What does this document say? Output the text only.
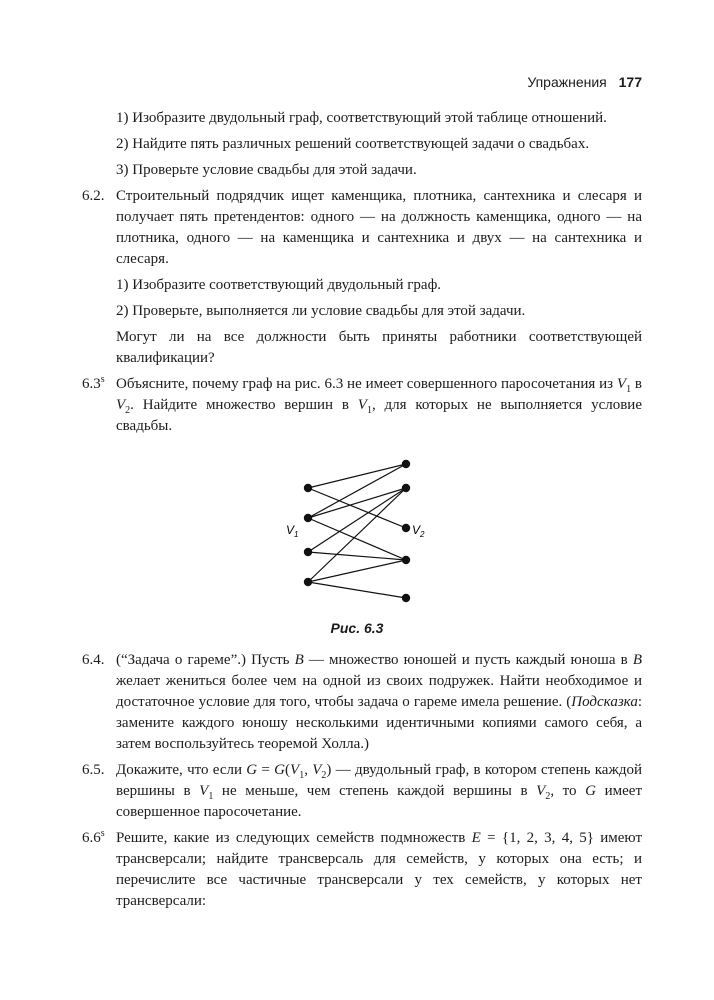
Упражнения 177
1) Изобразите двудольный граф, соответствующий этой таблице отношений.
2) Найдите пять различных решений соответствующей задачи о свадьбах.
3) Проверьте условие свадьбы для этой задачи.
6.2. Строительный подрядчик ищет каменщика, плотника, сантехника и слесаря и получает пять претендентов: одного — на должность каменщика, одного — на плотника, одного — на каменщика и сантехника и двух — на сантехника и слесаря.
1) Изобразите соответствующий двудольный граф.
2) Проверьте, выполняется ли условие свадьбы для этой задачи.
Могут ли на все должности быть приняты работники соответствующей квалификации?
6.3$^s$ Объясните, почему граф на рис. 6.3 не имеет совершенного паросочетания из $V_1$ в $V_2$. Найдите множество вершин в $V_1$, для которых не выполняется условие свадьбы.
$V_1$	$V_2$
Рис. 6.3
6.4. (“Задача о гареме”.) Пусть B — множество юношей и пусть каждый юноша в B желает жениться более чем на одной из своих подружек. Найти необходимое и достаточное условие для того, чтобы задача о гареме имела решение. (Подсказка: замените каждого юношу несколькими идентичными копиями самого себя, а затем воспользуйтесь теоремой Холла.)
6.5. Докажите, что если $G = G(V_1$, $V_2$) — двудольный граф, в котором степень каждой вершины в $V_1$ не меньше, чем степень каждой вершины в $V_2$, то G имеет совершенное паросочетание.
6.6$^s$ Решите, какие из следующих семейств подмножеств E = {1, 2, 3, 4, 5} имеют трансверсали; найдите трансверсаль для семейств, у которых она есть; и перечислите все частичные трансверсали у тех семейств, у которых нет трансверсали:
